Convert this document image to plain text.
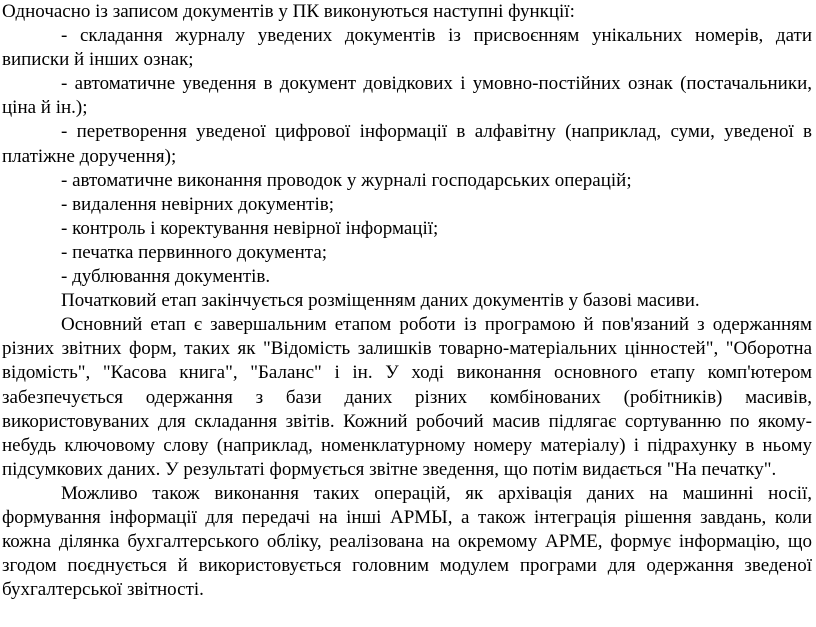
Одночасно із записом документів у ПК виконуються наступні функції:

- складання журналу уведених документів із присвоєнням унікальних номерів, дати виписки й інших ознак;

- автоматичне уведення в документ довідкових і умовно-постійних ознак (постачальники, ціна й ін.);

- перетворення уведеної цифрової інформації в алфавітну (наприклад, суми, уведеної в платіжне доручення);

- автоматичне виконання проводок у журналі господарських операцій;

- видалення невірних документів;

- контроль і коректування невірної інформації;

- печатка первинного документа;

- дублювання документів.

Початковий етап закінчується розміщенням даних документів у базові масиви.

Основний етап є завершальним етапом роботи із програмою й пов'язаний з одержанням різних звітних форм, таких як "Відомість залишків товарно-матеріальних цінностей", "Оборотна відомість", "Касова книга", "Баланс" і ін. У ході виконання основного етапу комп'ютером забезпечується одержання з бази даних різних комбінованих (робітників) масивів, використовуваних для складання звітів. Кожний робочий масив підлягає сортуванню по якому-небудь ключовому слову (наприклад, номенклатурному номеру матеріалу) і підрахунку в ньому підсумкових даних. У результаті формується звітне зведення, що потім видається "На печатку".

Можливо також виконання таких операцій, як архівація даних на машинні носії, формування інформації для передачі на інші АРМЫ, а також інтеграція рішення завдань, коли кожна ділянка бухгалтерського обліку, реалізована на окремому АРМЕ, формує інформацію, що згодом поєднується й використовується головним модулем програми для одержання зведеної бухгалтерської звітності.
